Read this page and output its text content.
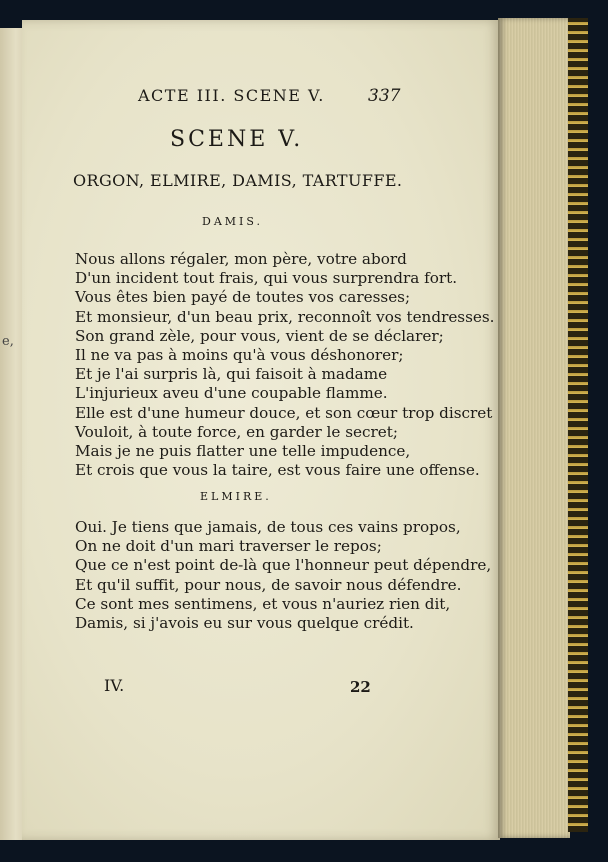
e,
ACTE III. SCENE V.	337
SCENE V.
ORGON, ELMIRE, DAMIS, TARTUFFE.
DAMIS.
Nous allons régaler, mon père, votre abord
D'un incident tout frais, qui vous surprendra fort.
Vous êtes bien payé de toutes vos caresses;
Et monsieur, d'un beau prix, reconnoît vos tendresses.
Son grand zèle, pour vous, vient de se déclarer;
Il ne va pas à moins qu'à vous déshonorer;
Et je l'ai surpris là, qui faisoit à madame
L'injurieux aveu d'une coupable flamme.
Elle est d'une humeur douce, et son cœur trop discret
Vouloit, à toute force, en garder le secret;
Mais je ne puis flatter une telle impudence,
Et crois que vous la taire, est vous faire une offense.
ELMIRE.
Oui. Je tiens que jamais, de tous ces vains propos,
On ne doit d'un mari traverser le repos;
Que ce n'est point de-là que l'honneur peut dépendre,
Et qu'il suffit, pour nous, de savoir nous défendre.
Ce sont mes sentimens, et vous n'auriez rien dit,
Damis, si j'avois eu sur vous quelque crédit.
IV.	22
